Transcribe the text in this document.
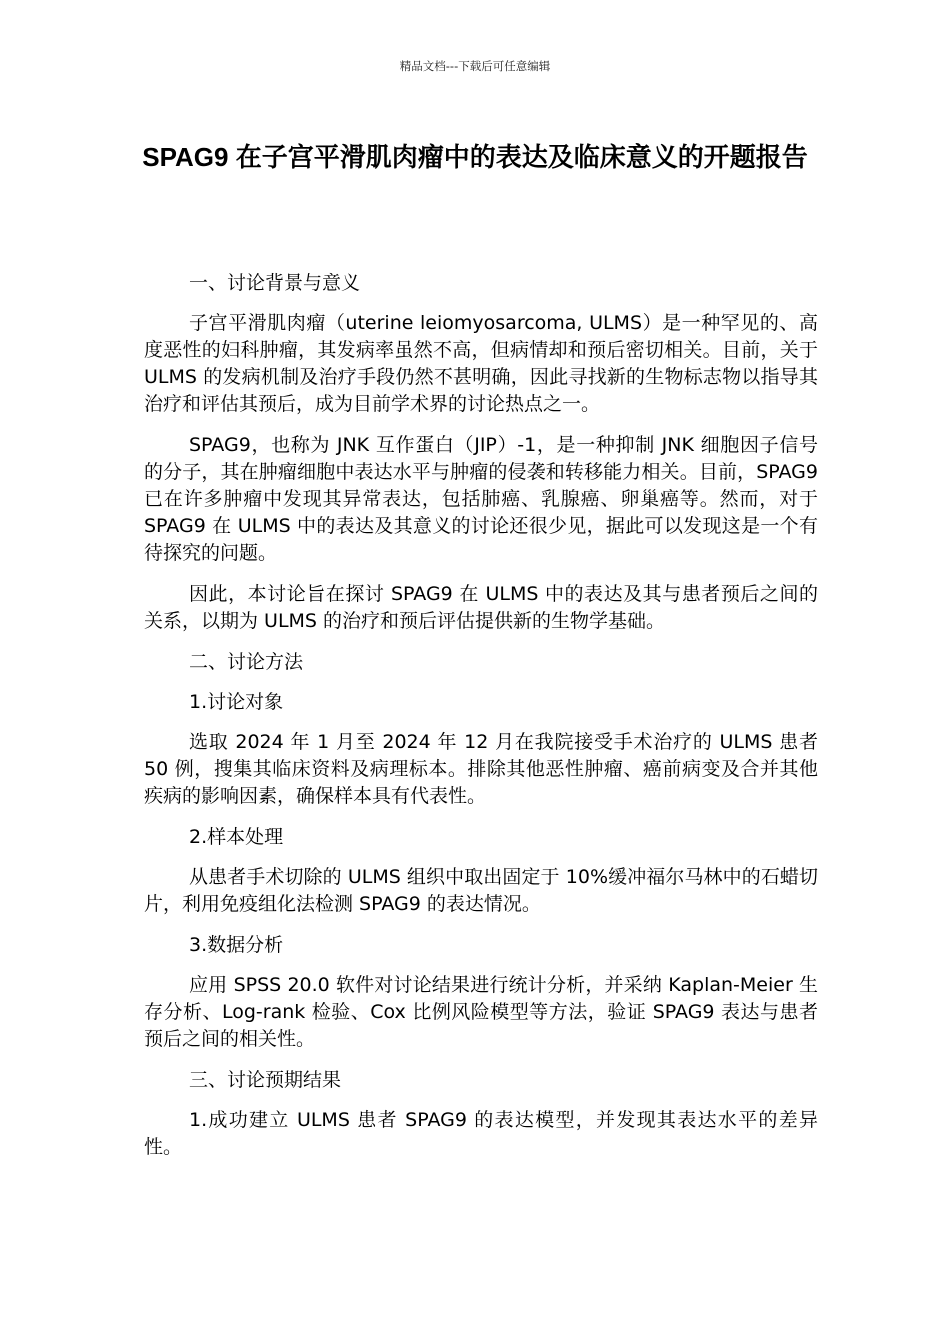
精品文档---下载后可任意编辑
SPAG9 在子宫平滑肌肉瘤中的表达及临床意义的开题报告

一、讨论背景与意义

子宫平滑肌肉瘤（uterine leiomyosarcoma, ULMS）是一种罕见的、高度恶性的妇科肿瘤，其发病率虽然不高，但病情却和预后密切相关。目前，关于 ULMS 的发病机制及治疗手段仍然不甚明确，因此寻找新的生物标志物以指导其治疗和评估其预后，成为目前学术界的讨论热点之一。

SPAG9，也称为 JNK 互作蛋白（JIP）-1，是一种抑制 JNK 细胞因子信号的分子，其在肿瘤细胞中表达水平与肿瘤的侵袭和转移能力相关。目前，SPAG9 已在许多肿瘤中发现其异常表达，包括肺癌、乳腺癌、卵巢癌等。然而，对于 SPAG9 在 ULMS 中的表达及其意义的讨论还很少见，据此可以发现这是一个有待探究的问题。

因此，本讨论旨在探讨 SPAG9 在 ULMS 中的表达及其与患者预后之间的关系，以期为 ULMS 的治疗和预后评估提供新的生物学基础。

二、讨论方法

1.讨论对象

选取 2024 年 1 月至 2024 年 12 月在我院接受手术治疗的 ULMS 患者 50 例，搜集其临床资料及病理标本。排除其他恶性肿瘤、癌前病变及合并其他疾病的影响因素，确保样本具有代表性。

2.样本处理

从患者手术切除的 ULMS 组织中取出固定于 10%缓冲福尔马林中的石蜡切片，利用免疫组化法检测 SPAG9 的表达情况。

3.数据分析

应用 SPSS 20.0 软件对讨论结果进行统计分析，并采纳 Kaplan-Meier 生存分析、Log-rank 检验、Cox 比例风险模型等方法，验证 SPAG9 表达与患者预后之间的相关性。

三、讨论预期结果

1.成功建立 ULMS 患者 SPAG9 的表达模型，并发现其表达水平的差异性。
